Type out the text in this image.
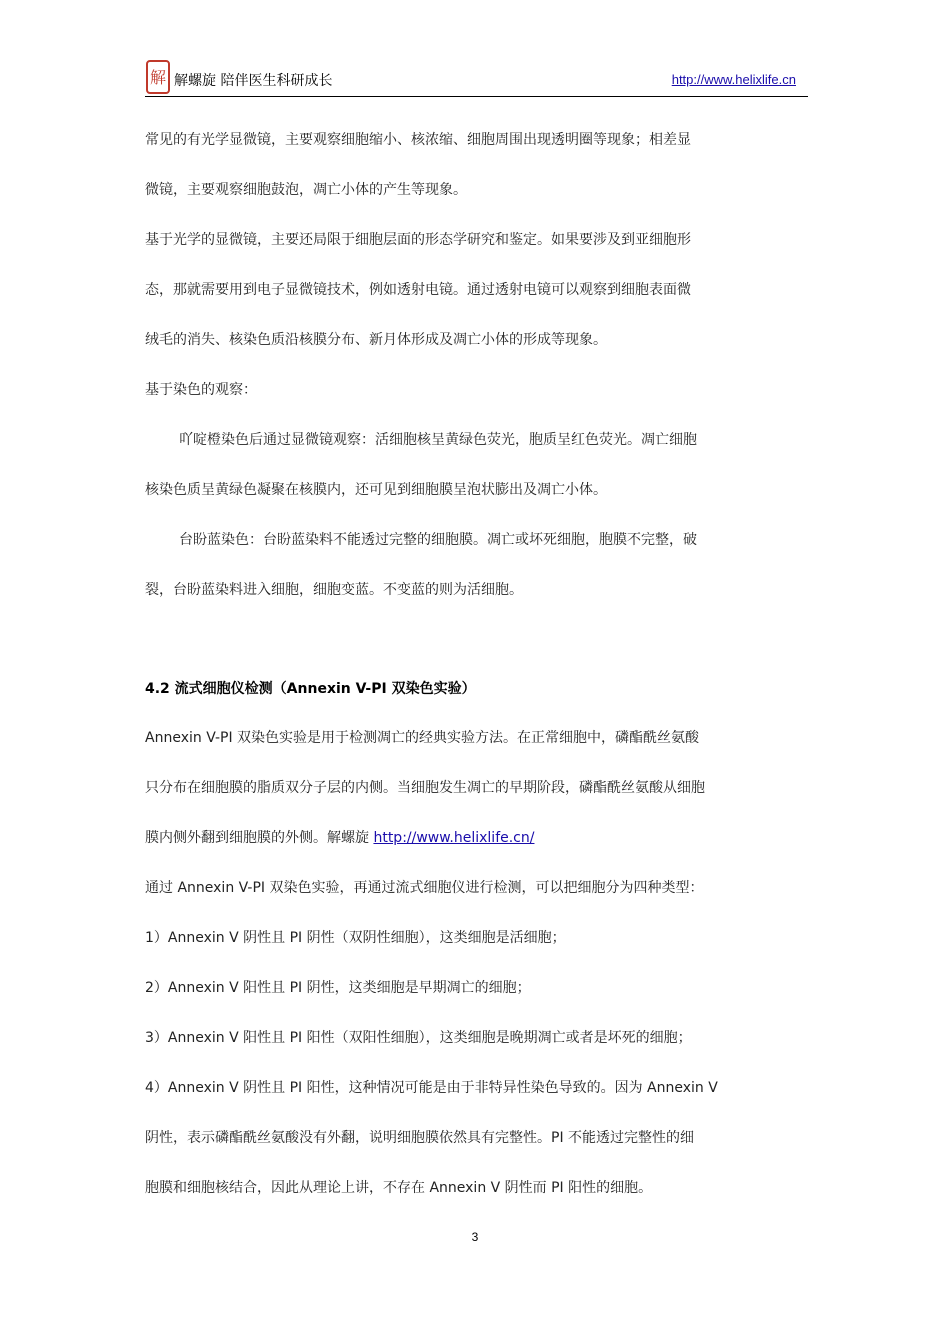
解 解螺旋 陪伴医生科研成长	http://www.helixlife.cn
常见的有光学显微镜，主要观察细胞缩小、核浓缩、细胞周围出现透明圈等现象；相差显
微镜，主要观察细胞鼓泡，凋亡小体的产生等现象。
基于光学的显微镜，主要还局限于细胞层面的形态学研究和鉴定。如果要涉及到亚细胞形
态，那就需要用到电子显微镜技术，例如透射电镜。通过透射电镜可以观察到细胞表面微
绒毛的消失、核染色质沿核膜分布、新月体形成及凋亡小体的形成等现象。
基于染色的观察：
吖啶橙染色后通过显微镜观察：活细胞核呈黄绿色荧光，胞质呈红色荧光。凋亡细胞
核染色质呈黄绿色凝聚在核膜内，还可见到细胞膜呈泡状膨出及凋亡小体。
台盼蓝染色：台盼蓝染料不能透过完整的细胞膜。凋亡或坏死细胞，胞膜不完整，破
裂，台盼蓝染料进入细胞，细胞变蓝。不变蓝的则为活细胞。
4.2 流式细胞仪检测（Annexin V-PI 双染色实验）
Annexin V-PI 双染色实验是用于检测凋亡的经典实验方法。在正常细胞中，磷酯酰丝氨酸
只分布在细胞膜的脂质双分子层的内侧。当细胞发生凋亡的早期阶段，磷酯酰丝氨酸从细胞
膜内侧外翻到细胞膜的外侧。解螺旋 http://www.helixlife.cn/
通过 Annexin V-PI 双染色实验，再通过流式细胞仪进行检测，可以把细胞分为四种类型：
1）Annexin V 阴性且 PI 阴性（双阴性细胞），这类细胞是活细胞；
2）Annexin V 阳性且 PI 阴性，这类细胞是早期凋亡的细胞；
3）Annexin V 阳性且 PI 阳性（双阳性细胞），这类细胞是晚期凋亡或者是坏死的细胞；
4）Annexin V 阴性且 PI 阳性，这种情况可能是由于非特异性染色导致的。因为 Annexin V
阴性，表示磷酯酰丝氨酸没有外翻，说明细胞膜依然具有完整性。PI 不能透过完整性的细
胞膜和细胞核结合，因此从理论上讲，不存在 Annexin V 阴性而 PI 阳性的细胞。
3
